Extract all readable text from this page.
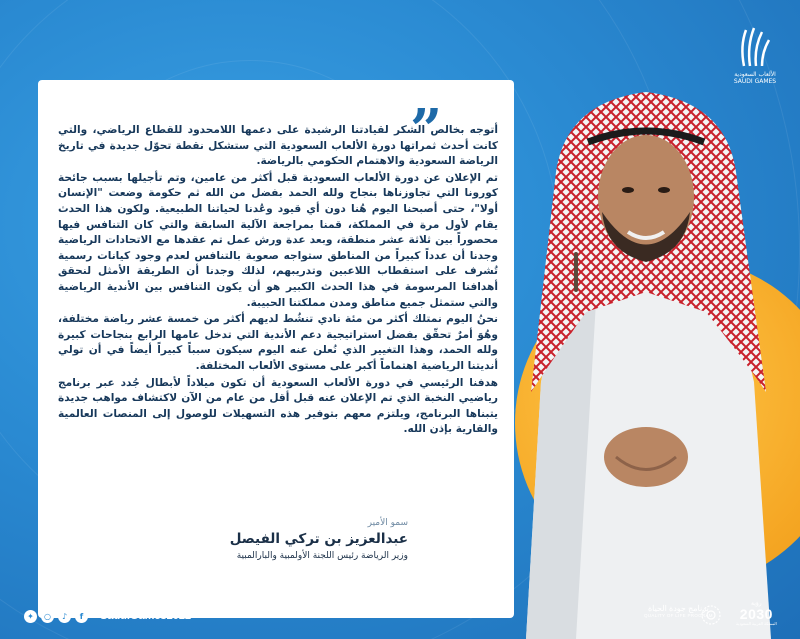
”

أتوجه بخالص الشكر لقيادتنا الرشيدة على دعمها اللامحدود للقطاع الرياضي، والتي كانت أحدث ثمراتها دورة الألعاب السعودية التي ستشكل نقطة تحوّل جديدة في تاريخ الرياضة السعودية والاهتمام الحكومي بالرياضة.

تم الإعلان عن دورة الألعاب السعودية قبل أكثر من عامين، وتم تأجيلها بسبب جائحة كورونا التي تجاوزناها بنجاح ولله الحمد بفضل من الله ثم حكومة وضعت "الإنسان أولا"، حتى أصبحنا اليوم هُنا دون أي قيود وعُدنا لحياتنا الطبيعية. ولكون هذا الحدث يقام لأول مرة في المملكة، قمنا بمراجعة الآلية السابقة والتي كان التنافس فيها محصوراً بين ثلاثة عشر منطقة، وبعد عدة ورش عمل تم عقدها مع الاتحادات الرياضية وجدنا أن عدداً كبيراً من المناطق ستواجه صعوبة بالتنافس لعدم وجود كيانات رسمية تُشرف على استقطاب اللاعبين وتدريبهم، لذلك وجدنا أن الطريقة الأمثل لنحقق أهدافنا المرسومة في هذا الحدث الكبير هو أن يكون التنافس بين الأندية الرياضية والتي ستمثل جميع مناطق ومدن مملكتنا الحبيبة.

نحنُ اليوم نمتلك أكثر من مئة نادي تنشُط لديهم أكثر من خمسة عشر رياضة مختلفة، وهُوَ أمرٌ تحقّق بفضل استراتيجية دعم الأندية التي تدخل عامها الرابع بنجاحات كبيرة ولله الحمد، وهذا التغيير الذي نُعلن عنه اليوم سيكون سبباً كبيراً أيضاً في أن تولي أنديتنا الرياضية اهتماماً أكبر على مستوى الألعاب المختلفة.

هدفنا الرئيسي في دورة الألعاب السعودية أن تكون ميلاداً لأبطال جُدد عبر برنامج رياضيي النخبة الذي تم الإعلان عنه قبل أقل من عام من الآن لاكتشاف مواهب جديدة يتبناها البرنامج، ويلتزم معهم بتوفير هذه التسهيلات للوصول إلى المنصات العالمية والقارية بإذن الله.

سمو الأمير
عبدالعزيز بن تركي الفيصل
وزير الرياضة رئيس اللجنة الأولمبية والبارالمبية
الألعاب السعودية
SAUDI GAMES
✦	○	♪	f	SaudiGames2022
برنامج جودة الحياة
QUALITY OF LIFE PROGRAM
رؤية
2030
المملكة العربية السعودية
